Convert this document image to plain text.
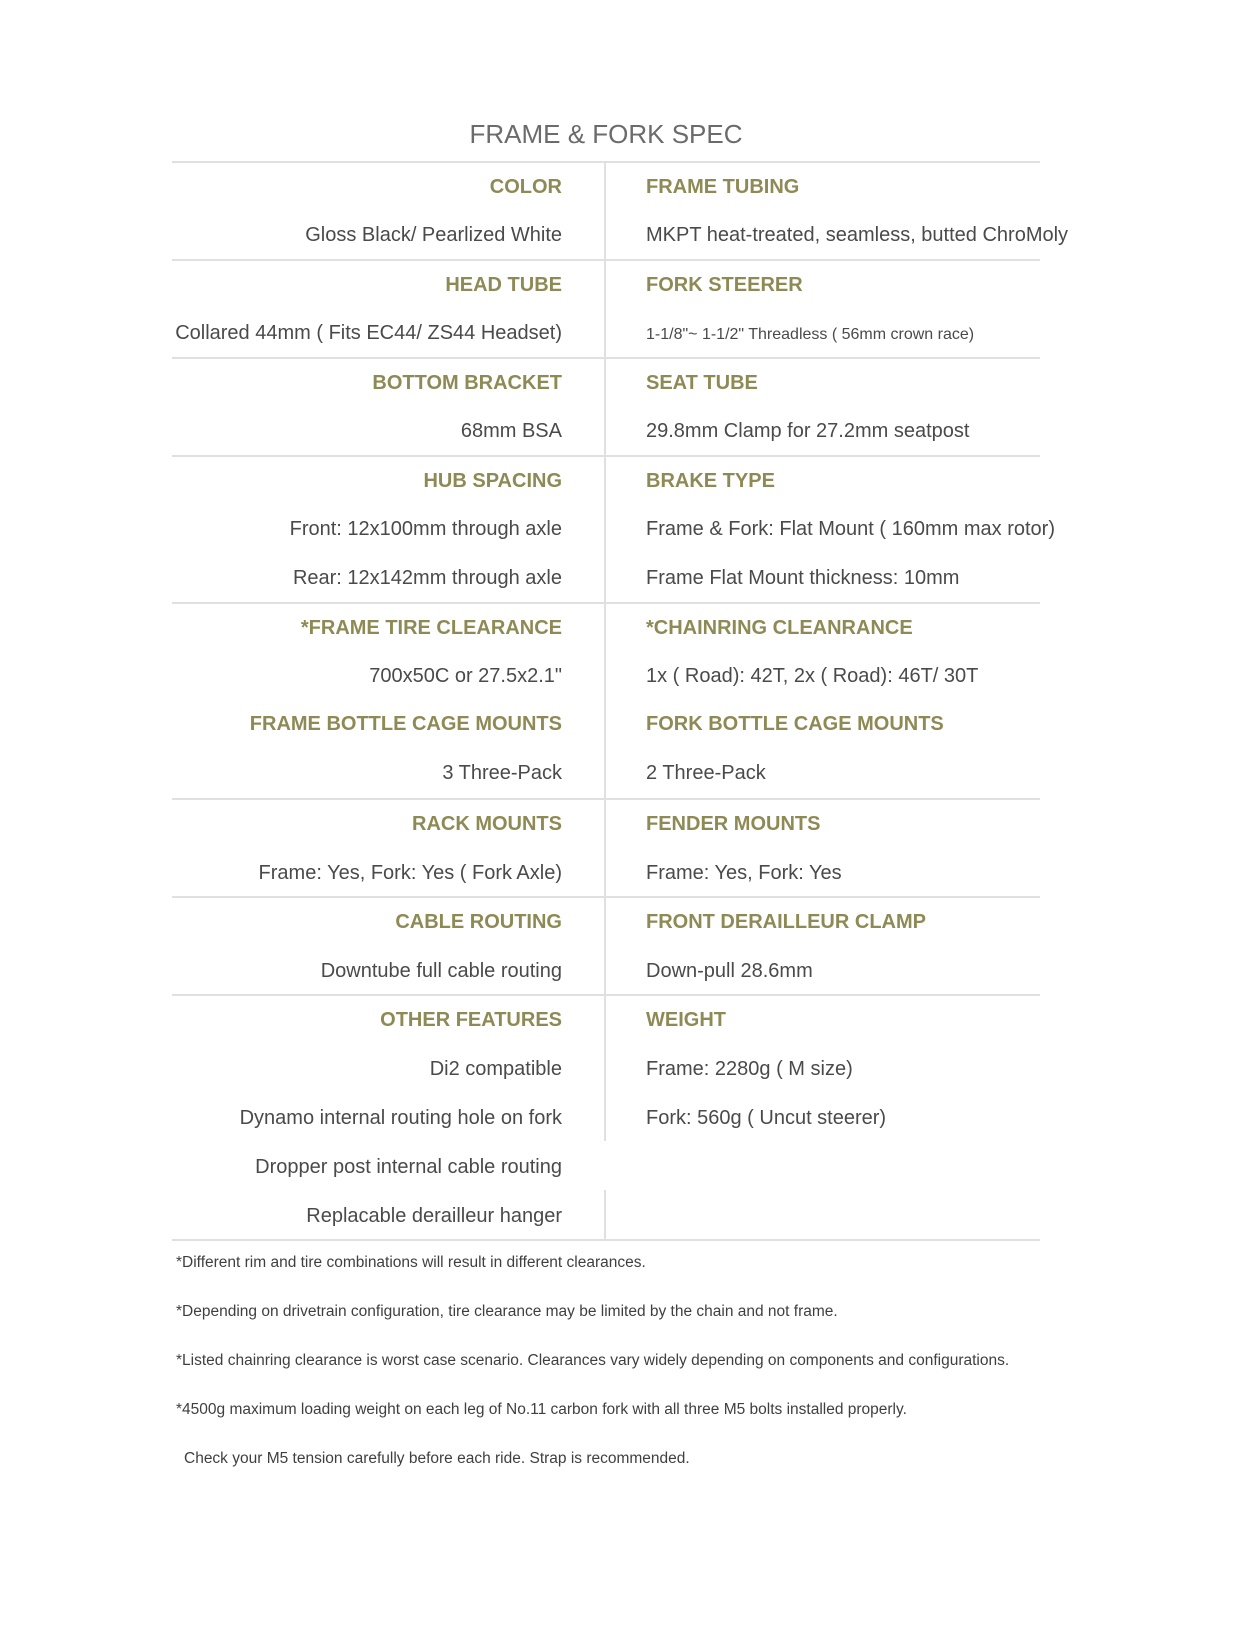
FRAME & FORK SPEC
COLOR	FRAME TUBING
Gloss Black/ Pearlized White	MKPT heat-treated, seamless, butted ChroMoly
HEAD TUBE	FORK STEERER
Collared 44mm ( Fits EC44/ ZS44 Headset)	1-1/8"~ 1-1/2" Threadless ( 56mm crown race)
BOTTOM BRACKET	SEAT TUBE
68mm BSA	29.8mm Clamp for 27.2mm seatpost
HUB SPACING	BRAKE TYPE
Front: 12x100mm through axle	Frame & Fork: Flat Mount ( 160mm max rotor)
Rear: 12x142mm through axle	Frame Flat Mount thickness: 10mm
*FRAME TIRE CLEARANCE	*CHAINRING CLEANRANCE
700x50C or 27.5x2.1"	1x ( Road): 42T, 2x ( Road): 46T/ 30T
FRAME BOTTLE CAGE MOUNTS	FORK BOTTLE CAGE MOUNTS
3 Three-Pack	2 Three-Pack
RACK MOUNTS	FENDER MOUNTS
Frame: Yes, Fork: Yes ( Fork Axle)	Frame: Yes, Fork: Yes
CABLE ROUTING	FRONT DERAILLEUR CLAMP
Downtube full cable routing	Down-pull 28.6mm
OTHER FEATURES	WEIGHT
Di2 compatible	Frame: 2280g ( M size)
Dynamo internal routing hole on fork	Fork: 560g ( Uncut steerer)
Dropper post internal cable routing
Replacable derailleur hanger
*Different rim and tire combinations will result in different clearances.
*Depending on drivetrain configuration, tire clearance may be limited by the chain and not frame.
*Listed chainring clearance is worst case scenario. Clearances vary widely depending on components and configurations.
*4500g maximum loading weight on each leg of No.11 carbon fork with all three M5 bolts installed properly.
Check your M5 tension carefully before each ride. Strap is recommended.
